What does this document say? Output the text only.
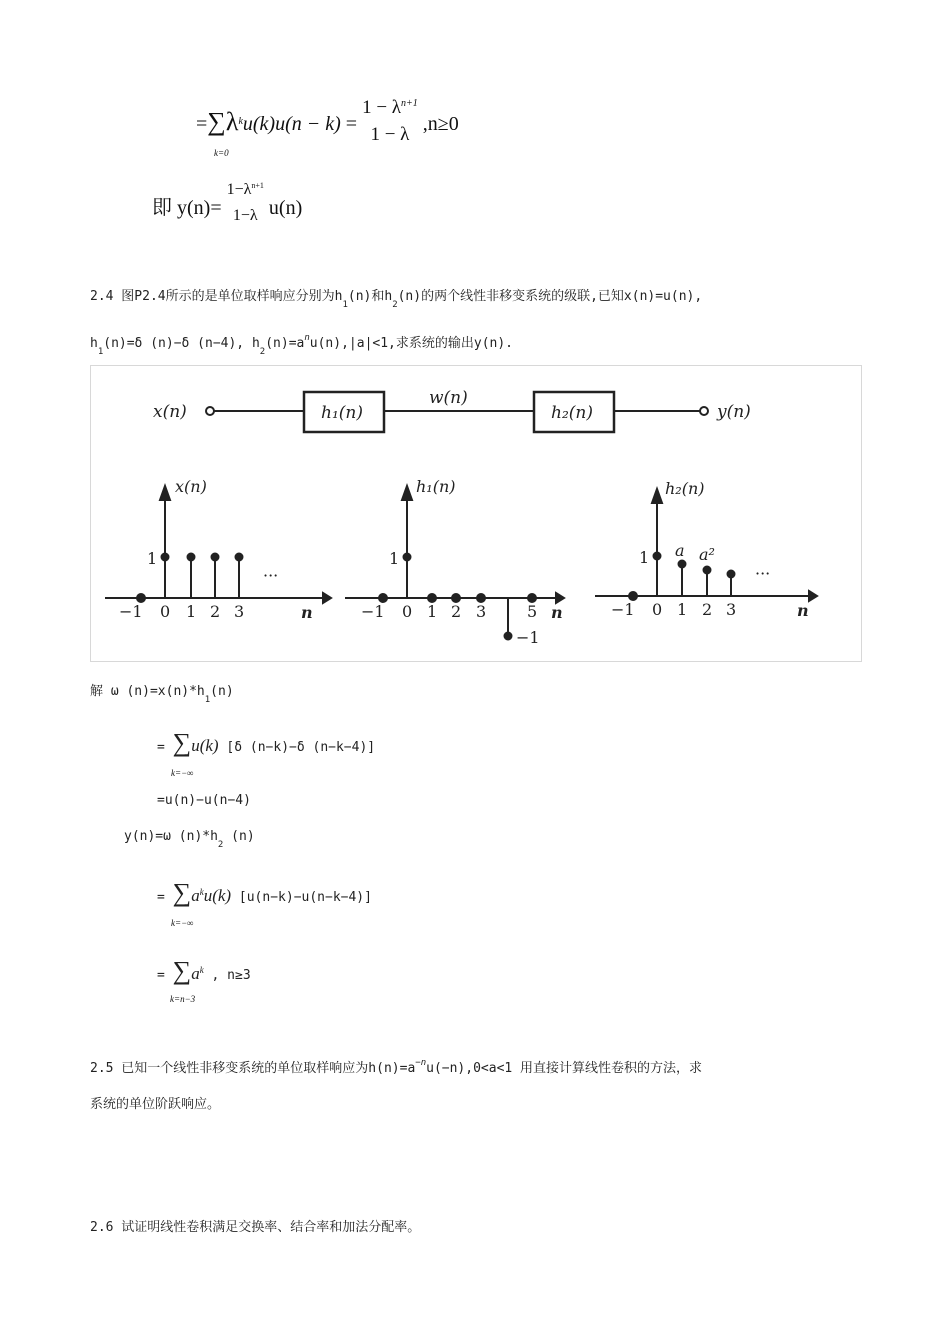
$=\sum\lambda^ku(k)u(n - k)$ =
$1 - \lambda^{n+1}$
1 − λ ,n≥0
k=0
即 y(n)=
$1-\lambda^{n+1}$
1−λ u(n)
2.4 图P2.4所示的是单位取样响应分别为$h_1(n)$和$h_2(n)$的两个线性非移变系统的级联,已知x(n)=u(n),
$h_1(n)=\delta$ (n)−δ (n−4), $h_2(n)=a^nu(n),|a|<1$,求系统的输出y(n).
x(n)	h₁(n)
w(n)
h₂(n)	y(n)
x(n)
1
···
−1 0 1 2 3	n
h₁(n)
1
−1 0 1 2 3	5 n
−1
h₂(n)
1 a a²
···
−1 0 1 2 3	n
解 ω $(n)=x(n)*h_1(n)$
= ∑u(k) [δ (n−k)−δ (n−k−4)]
k=−∞
=u(n)−u(n−4)
y(n)=ω $(n)*h_2$ (n)
= $\sum a^ku(k)$ [u(n−k)−u(n−k−4)]
k=−∞
= $\sum a^k$ , n≥3
k=n−3
2.5 已知一个线性非移变系统的单位取样响应为$h(n)=a^{-n}u(-n),0<a<1$ 用直接计算线性卷积的方法，求
系统的单位阶跃响应。
2.6 试证明线性卷积满足交换率、结合率和加法分配率。
